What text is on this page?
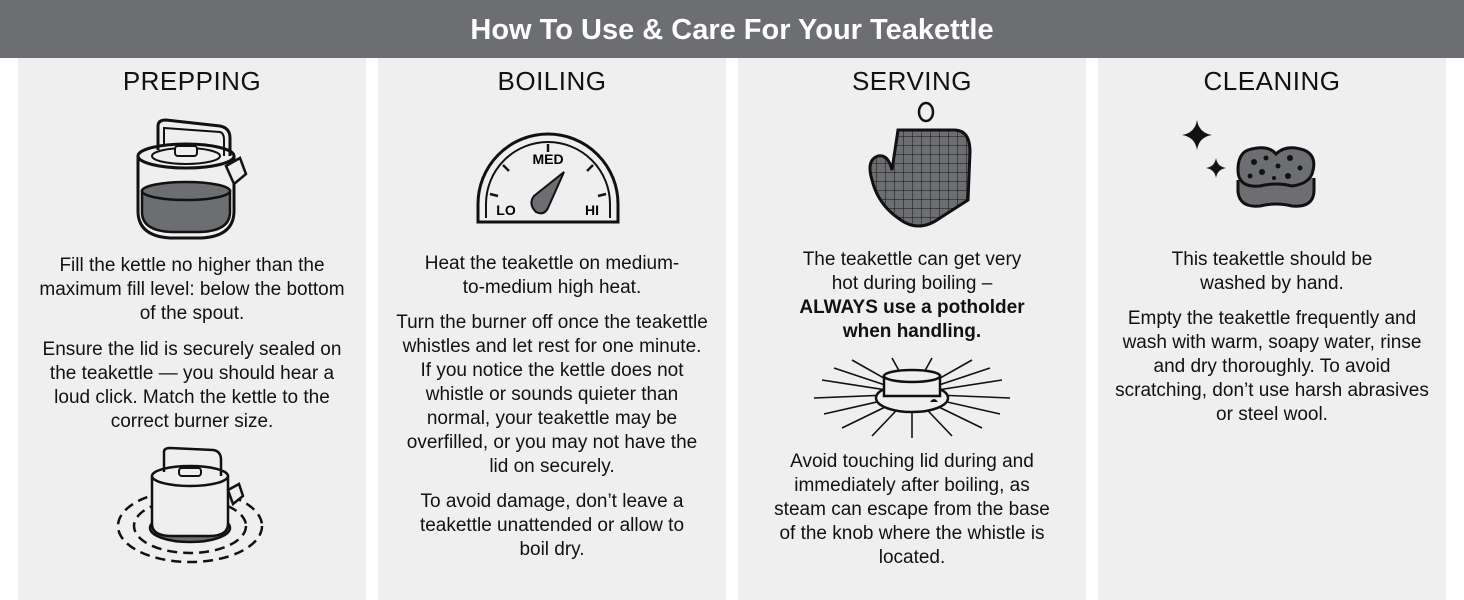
How To Use & Care For Your Teakettle
PREPPING

Fill the kettle no higher than the maximum fill level: below the bottom of the spout.

Ensure the lid is securely sealed on the teakettle — you should hear a loud click. Match the kettle to the correct burner size.

BOILING
MED
LO	HI

Heat the teakettle on medium-to-medium high heat.

Turn the burner off once the teakettle whistles and let rest for one minute. If you notice the kettle does not whistle or sounds quieter than normal, your teakettle may be overfilled, or you may not have the lid on securely.

To avoid damage, don’t leave a teakettle unattended or allow to boil dry.

SERVING

The teakettle can get very hot during boiling –

ALWAYS use a potholder when handling.

Avoid touching lid during and immediately after boiling, as steam can escape from the base of the knob where the whistle is located.

CLEANING

This teakettle should be washed by hand.

Empty the teakettle frequently and wash with warm, soapy water, rinse and dry thoroughly. To avoid scratching, don’t use harsh abrasives or steel wool.
